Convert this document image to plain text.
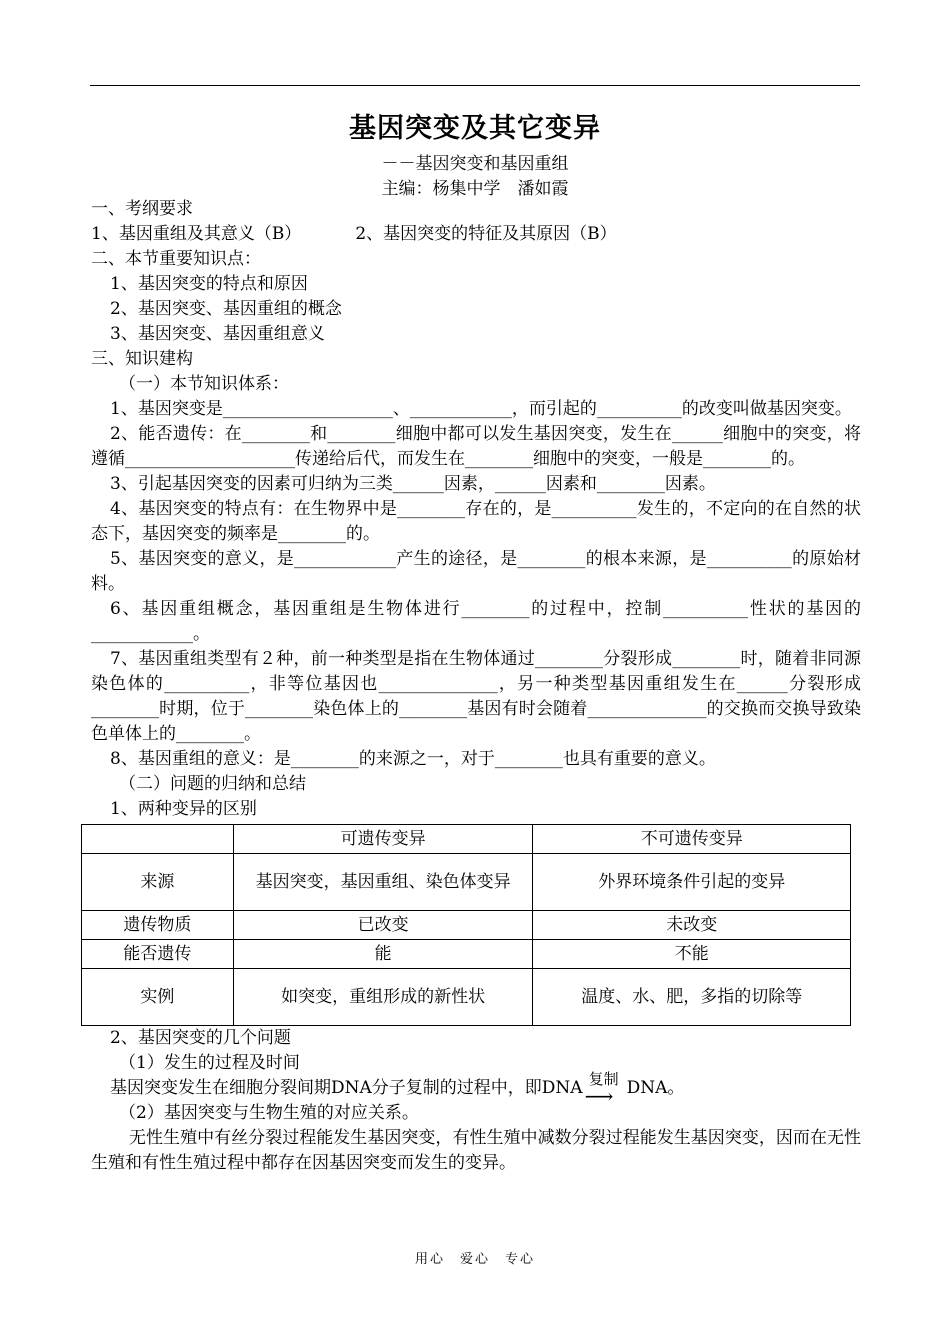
基因突变及其它变异
－－基因突变和基因重组
主编：杨集中学　潘如霞

一、考纲要求

1、基因重组及其意义（B）	2、基因突变的特征及其原因（B）

二、本节重要知识点：

1、基因突变的特点和原因

2、基因突变、基因重组的概念

3、基因突变、基因重组意义

三、知识建构

（一）本节知识体系：

1、基因突变是____________________、____________，而引起的__________的改变叫做基因突变。

2、能否遗传：在________和________细胞中都可以发生基因突变，发生在______细胞中的突变，将遵循____________________传递给后代，而发生在________细胞中的突变，一般是________的。

3、引起基因突变的因素可归纳为三类______因素，______因素和________因素。

4、基因突变的特点有：在生物界中是________存在的，是__________发生的，不定向的在自然的状态下，基因突变的频率是________的。

5、基因突变的意义，是____________产生的途径，是________的根本来源，是__________的原始材料。

6、基因重组概念，基因重组是生物体进行________的过程中，控制__________性状的基因的____________。

7、基因重组类型有２种，前一种类型是指在生物体通过________分裂形成________时，随着非同源染色体的__________，非等位基因也______________，另一种类型基因重组发生在______分裂形成________时期，位于________染色体上的________基因有时会随着______________的交换而交换导致染色单体上的________。

8、基因重组的意义：是________的来源之一，对于________也具有重要的意义。

（二）问题的归纳和总结

1、两种变异的区别

	可遗传变异	不可遗传变异
来源	基因突变，基因重组、染色体变异	外界环境条件引起的变异
遗传物质	已改变	未改变
能否遗传	能	不能
实例	如突变，重组形成的新性状	温度、水、肥，多指的切除等

2、基因突变的几个问题

（1）发生的过程及时间

基因突变发生在细胞分裂间期DNA分子复制的过程中，即DNA 复制
⟶ DNA。

（2）基因突变与生物生殖的对应关系。

无性生殖中有丝分裂过程能发生基因突变，有性生殖中减数分裂过程能发生基因突变，因而在无性生殖和有性生殖过程中都存在因基因突变而发生的变异。

用心　爱心　专心
